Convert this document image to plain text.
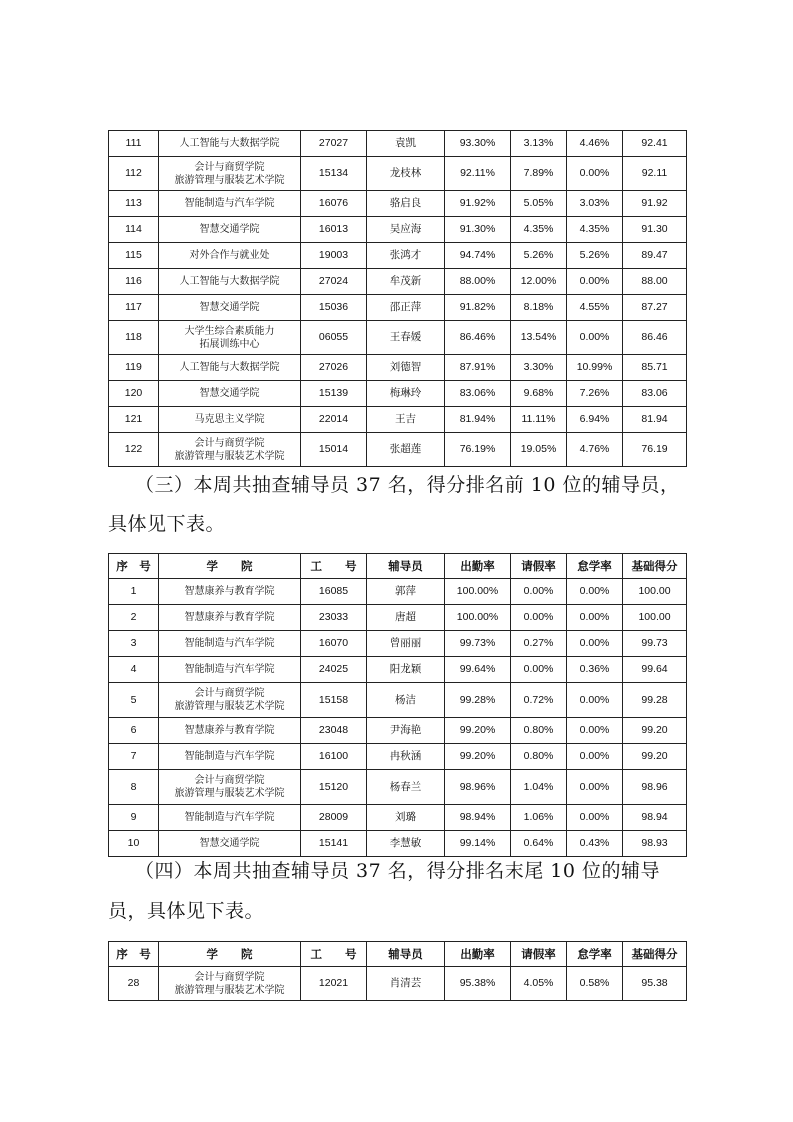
111	人工智能与大数据学院	27027	袁凯	93.30%	3.13%	4.46%	92.41
112	会计与商贸学院
旅游管理与服装艺术学院	15134	龙枝林	92.11%	7.89%	0.00%	92.11
113	智能制造与汽车学院	16076	骆启良	91.92%	5.05%	3.03%	91.92
114	智慧交通学院	16013	吴应海	91.30%	4.35%	4.35%	91.30
115	对外合作与就业处	19003	张鸿才	94.74%	5.26%	5.26%	89.47
116	人工智能与大数据学院	27024	牟茂新	88.00%	12.00%	0.00%	88.00
117	智慧交通学院	15036	邵正萍	91.82%	8.18%	4.55%	87.27
118	大学生综合素质能力
拓展训练中心	06055	王春媛	86.46%	13.54%	0.00%	86.46
119	人工智能与大数据学院	27026	刘德智	87.91%	3.30%	10.99%	85.71
120	智慧交通学院	15139	梅琳玲	83.06%	9.68%	7.26%	83.06
121	马克思主义学院	22014	王吉	81.94%	11.11%	6.94%	81.94
122	会计与商贸学院
旅游管理与服装艺术学院	15014	张超莲	76.19%	19.05%	4.76%	76.19
（三）本周共抽查辅导员 37 名，得分排名前 10 位的辅导员，
具体见下表。
序　号	学　　院	工　　号	辅导员	出勤率	请假率	怠学率	基础得分
1	智慧康养与教育学院	16085	郭萍	100.00%	0.00%	0.00%	100.00
2	智慧康养与教育学院	23033	唐超	100.00%	0.00%	0.00%	100.00
3	智能制造与汽车学院	16070	曾丽丽	99.73%	0.27%	0.00%	99.73
4	智能制造与汽车学院	24025	阳龙颖	99.64%	0.00%	0.36%	99.64
5	会计与商贸学院
旅游管理与服装艺术学院	15158	杨洁	99.28%	0.72%	0.00%	99.28
6	智慧康养与教育学院	23048	尹海艳	99.20%	0.80%	0.00%	99.20
7	智能制造与汽车学院	16100	冉秋涵	99.20%	0.80%	0.00%	99.20
8	会计与商贸学院
旅游管理与服装艺术学院	15120	杨春兰	98.96%	1.04%	0.00%	98.96
9	智能制造与汽车学院	28009	刘璐	98.94%	1.06%	0.00%	98.94
10	智慧交通学院	15141	李慧敏	99.14%	0.64%	0.43%	98.93
（四）本周共抽查辅导员 37 名，得分排名末尾 10 位的辅导
员，具体见下表。
序　号	学　　院	工　　号	辅导员	出勤率	请假率	怠学率	基础得分
28	会计与商贸学院
旅游管理与服装艺术学院	12021	肖清芸	95.38%	4.05%	0.58%	95.38
